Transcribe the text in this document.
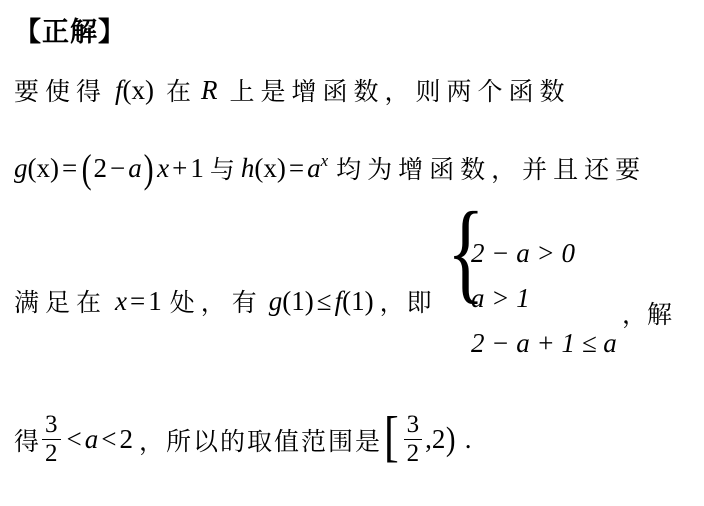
【正解】
要使得 f (x) 在 R 上是增函数，则两个函数
g (x) = ( 2 − a ) x + 1 与 h (x) = a x 均为增函数，并且还要
满足在 x = 1 处，有 g (1) ≤ f (1) ，即 {
2 − a > 0
a > 1
2 − a + 1 ≤ a
， 解
得 $\frac{3}{2} < a < 2$ ，所以的取值范围是 [ $\frac{3}{2}$ , 2 ) .
